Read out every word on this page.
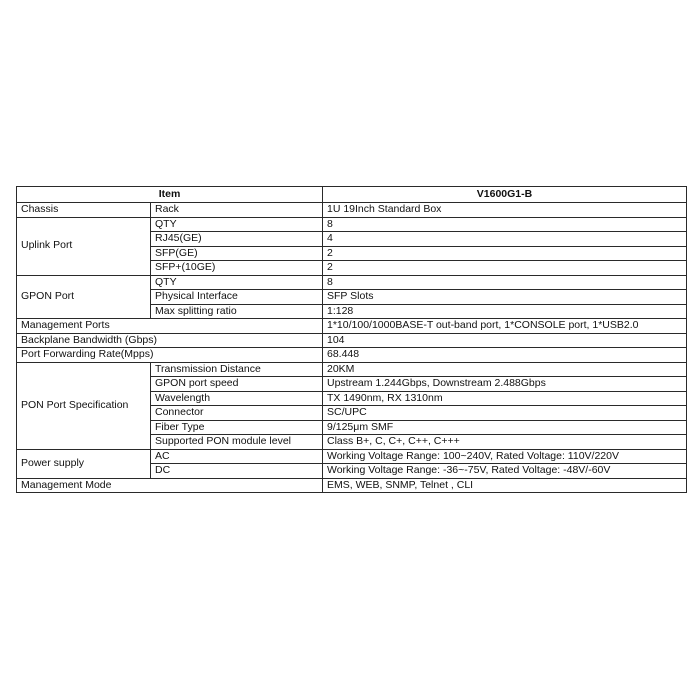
Item		V1600G1-B
Chassis	Rack	1U 19Inch Standard Box
Uplink Port	QTY	8
	RJ45(GE)	4
	SFP(GE)	2
	SFP+(10GE)	2
GPON Port	QTY	8
	Physical Interface	SFP Slots
	Max splitting ratio	1:128
Management Ports		1*10/100/1000BASE-T out-band port, 1*CONSOLE port, 1*USB2.0
Backplane Bandwidth (Gbps)		104
Port Forwarding Rate(Mpps)		68.448
PON Port Specification	Transmission Distance	20KM
	GPON port speed	Upstream 1.244Gbps, Downstream 2.488Gbps
	Wavelength	TX 1490nm, RX 1310nm
	Connector	SC/UPC
	Fiber Type	9/125μm SMF
	Supported PON module level	Class B+, C, C+, C++, C+++
Power supply	AC	Working Voltage Range: 100~240V, Rated Voltage: 110V/220V
	DC	Working Voltage Range: -36~-75V, Rated Voltage: -48V/-60V
Management Mode		EMS, WEB, SNMP, Telnet , CLI
